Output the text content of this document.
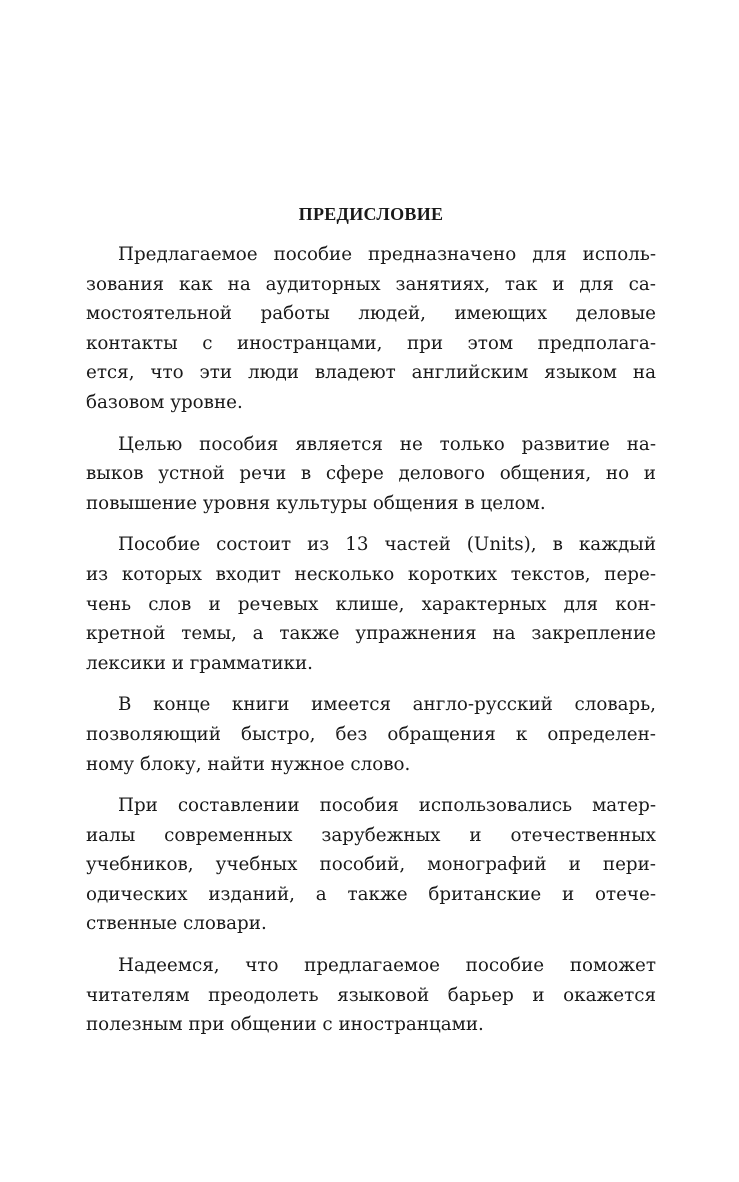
ПРЕДИСЛОВИЕ

Предлагаемое пособие предназначено для исполь-
зования как на аудиторных занятиях, так и для са-
мостоятельной работы людей, имеющих деловые
контакты с иностранцами, при этом предполага-
ется, что эти люди владеют английским языком на
базовом уровне.

Целью пособия является не только развитие на-
выков устной речи в сфере делового общения, но и
повышение уровня культуры общения в целом.

Пособие состоит из 13 частей (Units), в каждый
из которых входит несколько коротких текстов, пере-
чень слов и речевых клише, характерных для кон-
кретной темы, а также упражнения на закрепление
лексики и грамматики.

В конце книги имеется англо-русский словарь,
позволяющий быстро, без обращения к определен-
ному блоку, найти нужное слово.

При составлении пособия использовались матер-
иалы современных зарубежных и отечественных
учебников, учебных пособий, монографий и пери-
одических изданий, а также британские и отече-
ственные словари.

Надеемся, что предлагаемое пособие поможет
читателям преодолеть языковой барьер и окажется
полезным при общении с иностранцами.
